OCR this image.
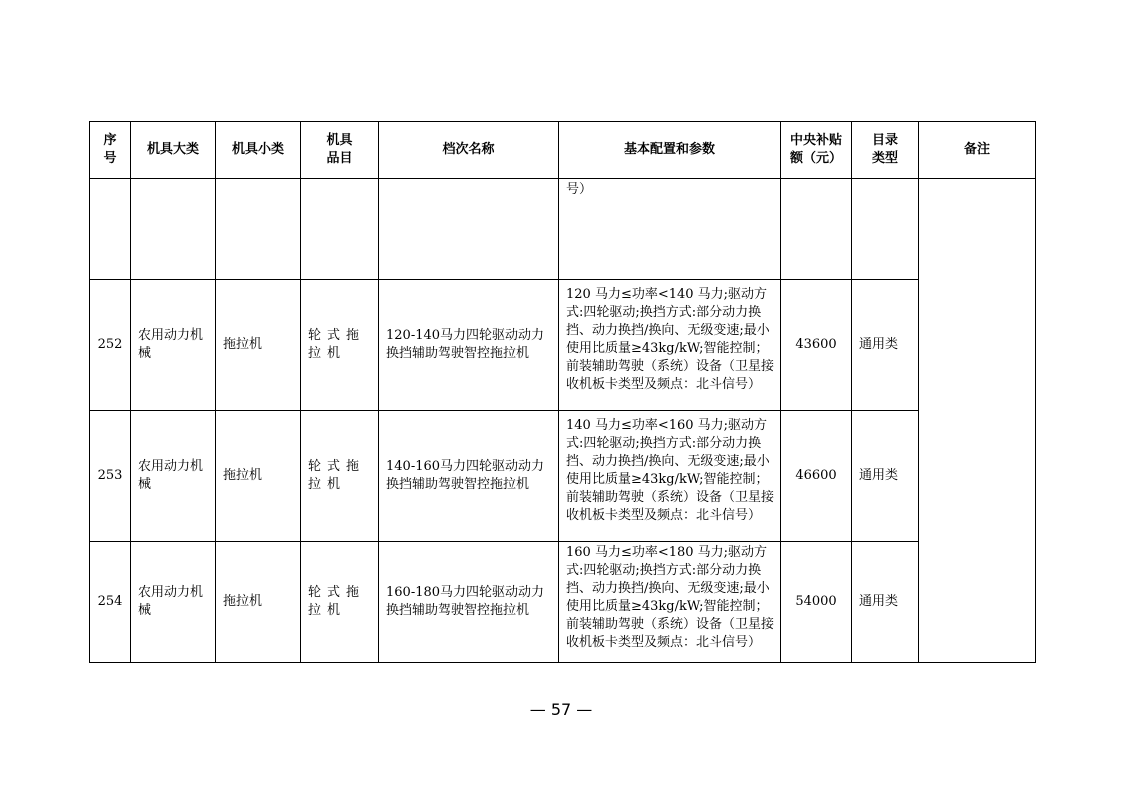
序号	机具大类	机具小类	机具品目	档次名称	基本配置和参数	中央补贴额（元）	目录类型	备注
					号）			
252	农用动力机械	拖拉机	轮式拖拉机	120-140马力四轮驱动动力换挡辅助驾驶智控拖拉机	120 马力≤功率<140 马力;驱动方式:四轮驱动;换挡方式:部分动力换挡、动力换挡/换向、无级变速;最小使用比质量≥43kg/kW;智能控制；前装辅助驾驶（系统）设备（卫星接收机板卡类型及频点：北斗信号）	43600	通用类	
253	农用动力机械	拖拉机	轮式拖拉机	140-160马力四轮驱动动力换挡辅助驾驶智控拖拉机	140 马力≤功率<160 马力;驱动方式:四轮驱动;换挡方式:部分动力换挡、动力换挡/换向、无级变速;最小使用比质量≥43kg/kW;智能控制；前装辅助驾驶（系统）设备（卫星接收机板卡类型及频点：北斗信号）	46600	通用类	
254	农用动力机械	拖拉机	轮式拖拉机	160-180马力四轮驱动动力换挡辅助驾驶智控拖拉机	160 马力≤功率<180 马力;驱动方式:四轮驱动;换挡方式:部分动力换挡、动力换挡/换向、无级变速;最小使用比质量≥43kg/kW;智能控制；前装辅助驾驶（系统）设备（卫星接收机板卡类型及频点：北斗信号）	54000	通用类	
— 57 —
